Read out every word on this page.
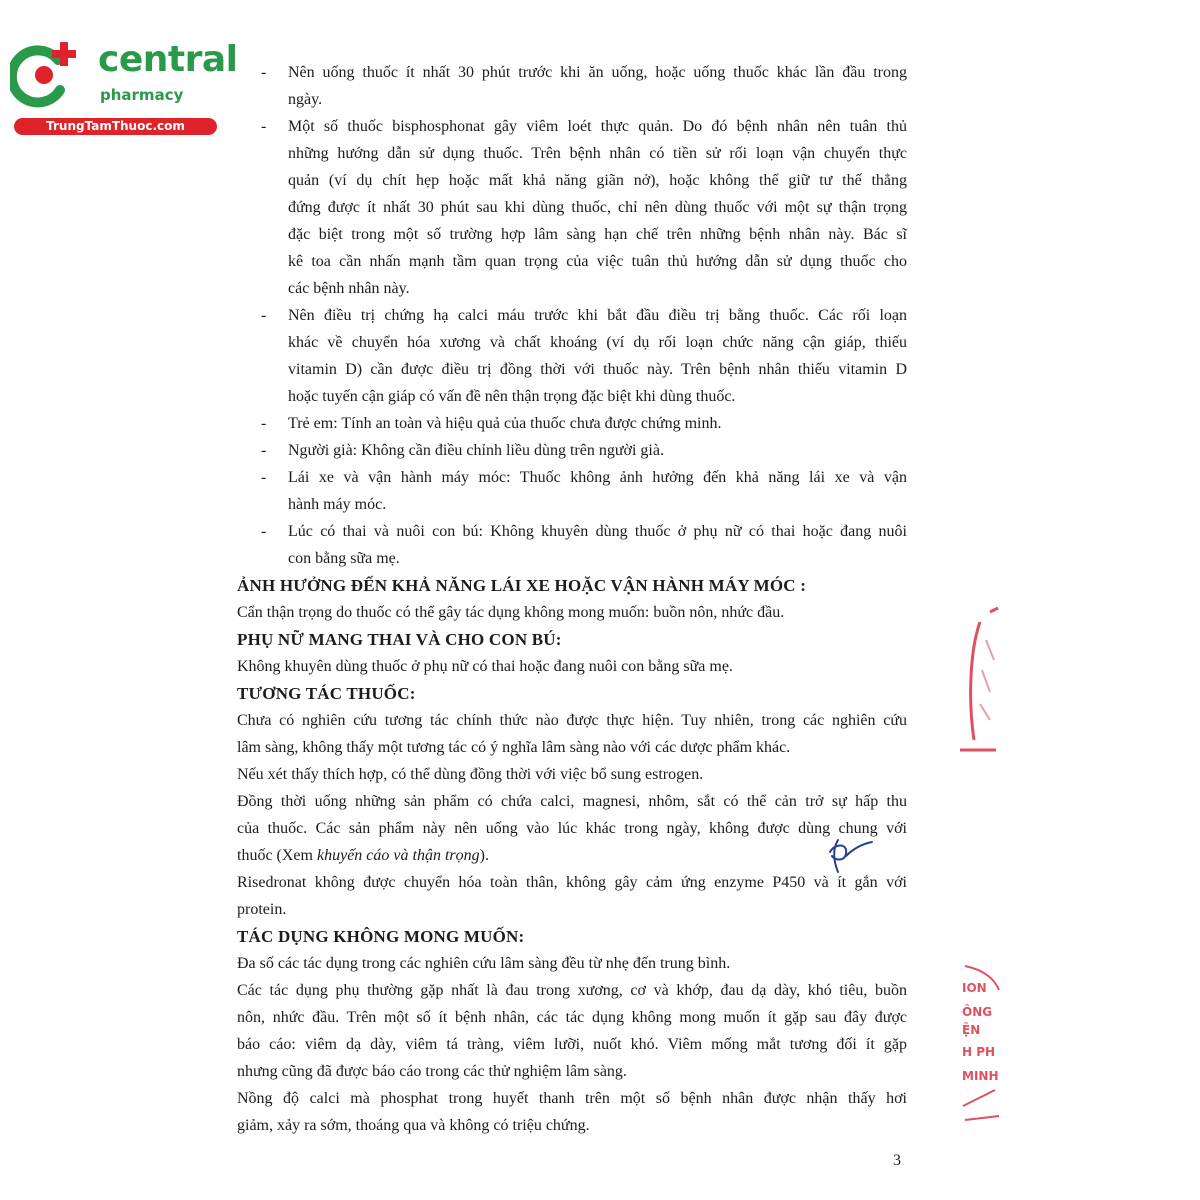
central

pharmacy

TrungTamThuoc.com
- Nên uống thuốc ít nhất 30 phút trước khi ăn uống, hoặc uống thuốc khác lần đầu trong
ngày.
- Một số thuốc bisphosphonat gây viêm loét thực quản. Do đó bệnh nhân nên tuân thủ
những hướng dẫn sử dụng thuốc. Trên bệnh nhân có tiền sử rối loạn vận chuyển thực
quản (ví dụ chít hẹp hoặc mất khả năng giãn nở), hoặc không thể giữ tư thế thẳng
đứng được ít nhất 30 phút sau khi dùng thuốc, chỉ nên dùng thuốc với một sự thận trọng
đặc biệt trong một số trường hợp lâm sàng hạn chế trên những bệnh nhân này. Bác sĩ
kê toa cần nhấn mạnh tầm quan trọng của việc tuân thủ hướng dẫn sử dụng thuốc cho
các bệnh nhân này.
- Nên điều trị chứng hạ calci máu trước khi bắt đầu điều trị bằng thuốc. Các rối loạn
khác về chuyển hóa xương và chất khoáng (ví dụ rối loạn chức năng cận giáp, thiếu
vitamin D) cần được điều trị đồng thời với thuốc này. Trên bệnh nhân thiếu vitamin D
hoặc tuyến cận giáp có vấn đề nên thận trọng đặc biệt khi dùng thuốc.
- Trẻ em: Tính an toàn và hiệu quả của thuốc chưa được chứng minh.
- Người già: Không cần điều chỉnh liều dùng trên người già.
- Lái xe và vận hành máy móc: Thuốc không ảnh hưởng đến khả năng lái xe và vận
hành máy móc.
- Lúc có thai và nuôi con bú: Không khuyên dùng thuốc ở phụ nữ có thai hoặc đang nuôi
con bằng sữa mẹ.
ẢNH HƯỞNG ĐẾN KHẢ NĂNG LÁI XE HOẶC VẬN HÀNH MÁY MÓC :
Cẩn thận trọng do thuốc có thể gây tác dụng không mong muốn: buồn nôn, nhức đầu.
PHỤ NỮ MANG THAI VÀ CHO CON BÚ:
Không khuyên dùng thuốc ở phụ nữ có thai hoặc đang nuôi con bằng sữa mẹ.
TƯƠNG TÁC THUỐC:
Chưa có nghiên cứu tương tác chính thức nào được thực hiện. Tuy nhiên, trong các nghiên cứu
lâm sàng, không thấy một tương tác có ý nghĩa lâm sàng nào với các dược phẩm khác.
Nếu xét thấy thích hợp, có thể dùng đồng thời với việc bổ sung estrogen.
Đồng thời uống những sản phẩm có chứa calci, magnesi, nhôm, sắt có thể cản trở sự hấp thu
của thuốc. Các sản phẩm này nên uống vào lúc khác trong ngày, không được dùng chung với
thuốc (Xem khuyến cáo và thận trọng).
Risedronat không được chuyển hóa toàn thân, không gây cảm ứng enzyme P450 và ít gắn với
protein.
TÁC DỤNG KHÔNG MONG MUỐN:
Đa số các tác dụng trong các nghiên cứu lâm sàng đều từ nhẹ đến trung bình.
Các tác dụng phụ thường gặp nhất là đau trong xương, cơ và khớp, đau dạ dày, khó tiêu, buồn
nôn, nhức đầu. Trên một số ít bệnh nhân, các tác dụng không mong muốn ít gặp sau đây được
báo cáo: viêm dạ dày, viêm tá tràng, viêm lưỡi, nuốt khó. Viêm mống mắt tương đối ít gặp
nhưng cũng đã được báo cáo trong các thử nghiệm lâm sàng.
Nồng độ calci mà phosphat trong huyết thanh trên một số bệnh nhân được nhận thấy hơi
giảm, xảy ra sớm, thoáng qua và không có triệu chứng.

ION

ÔNG

ỆN

H PH

MINH

3
